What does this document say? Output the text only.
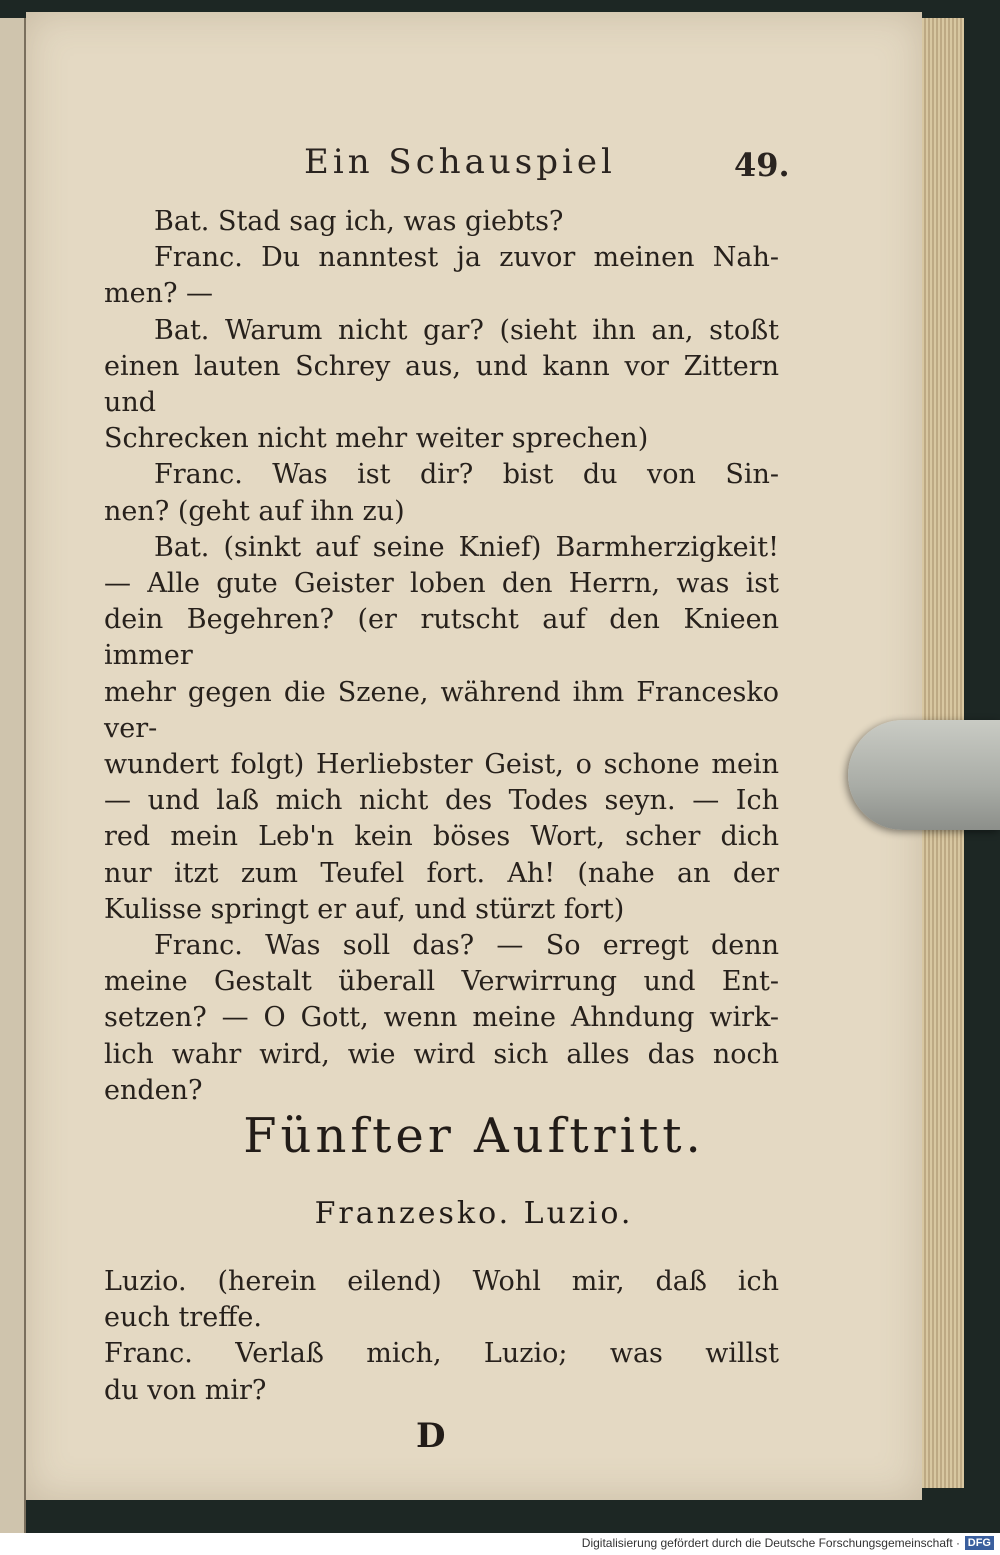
Ein Schauspiel	49.
Bat. Stad sag ich, was giebts?
Franc. Du nanntest ja zuvor meinen Nah-
men? —
Bat. Warum nicht gar? (sieht ihn an, stoßt
einen lauten Schrey aus, und kann vor Zittern und
Schrecken nicht mehr weiter sprechen)
Franc. Was ist dir? bist du von Sin-
nen? (geht auf ihn zu)
Bat. (sinkt auf seine Knief) Barmherzigkeit!
— Alle gute Geister loben den Herrn, was ist
dein Begehren? (er rutscht auf den Knieen immer
mehr gegen die Szene, während ihm Francesko ver-
wundert folgt) Herliebster Geist, o schone mein
— und laß mich nicht des Todes seyn. — Ich
red mein Leb'n kein böses Wort, scher dich
nur itzt zum Teufel fort. Ah! (nahe an der
Kulisse springt er auf, und stürzt fort)
Franc. Was soll das? — So erregt denn
meine Gestalt überall Verwirrung und Ent-
setzen? — O Gott, wenn meine Ahndung wirk-
lich wahr wird, wie wird sich alles das noch
enden?
Fünfter Auftritt.
Franzesko. Luzio.
Luzio. (herein eilend) Wohl mir, daß ich
euch treffe.
Franc. Verlaß mich, Luzio; was willst
du von mir?
D
Digitalisierung gefördert durch die Deutsche Forschungsgemeinschaft · DFG
